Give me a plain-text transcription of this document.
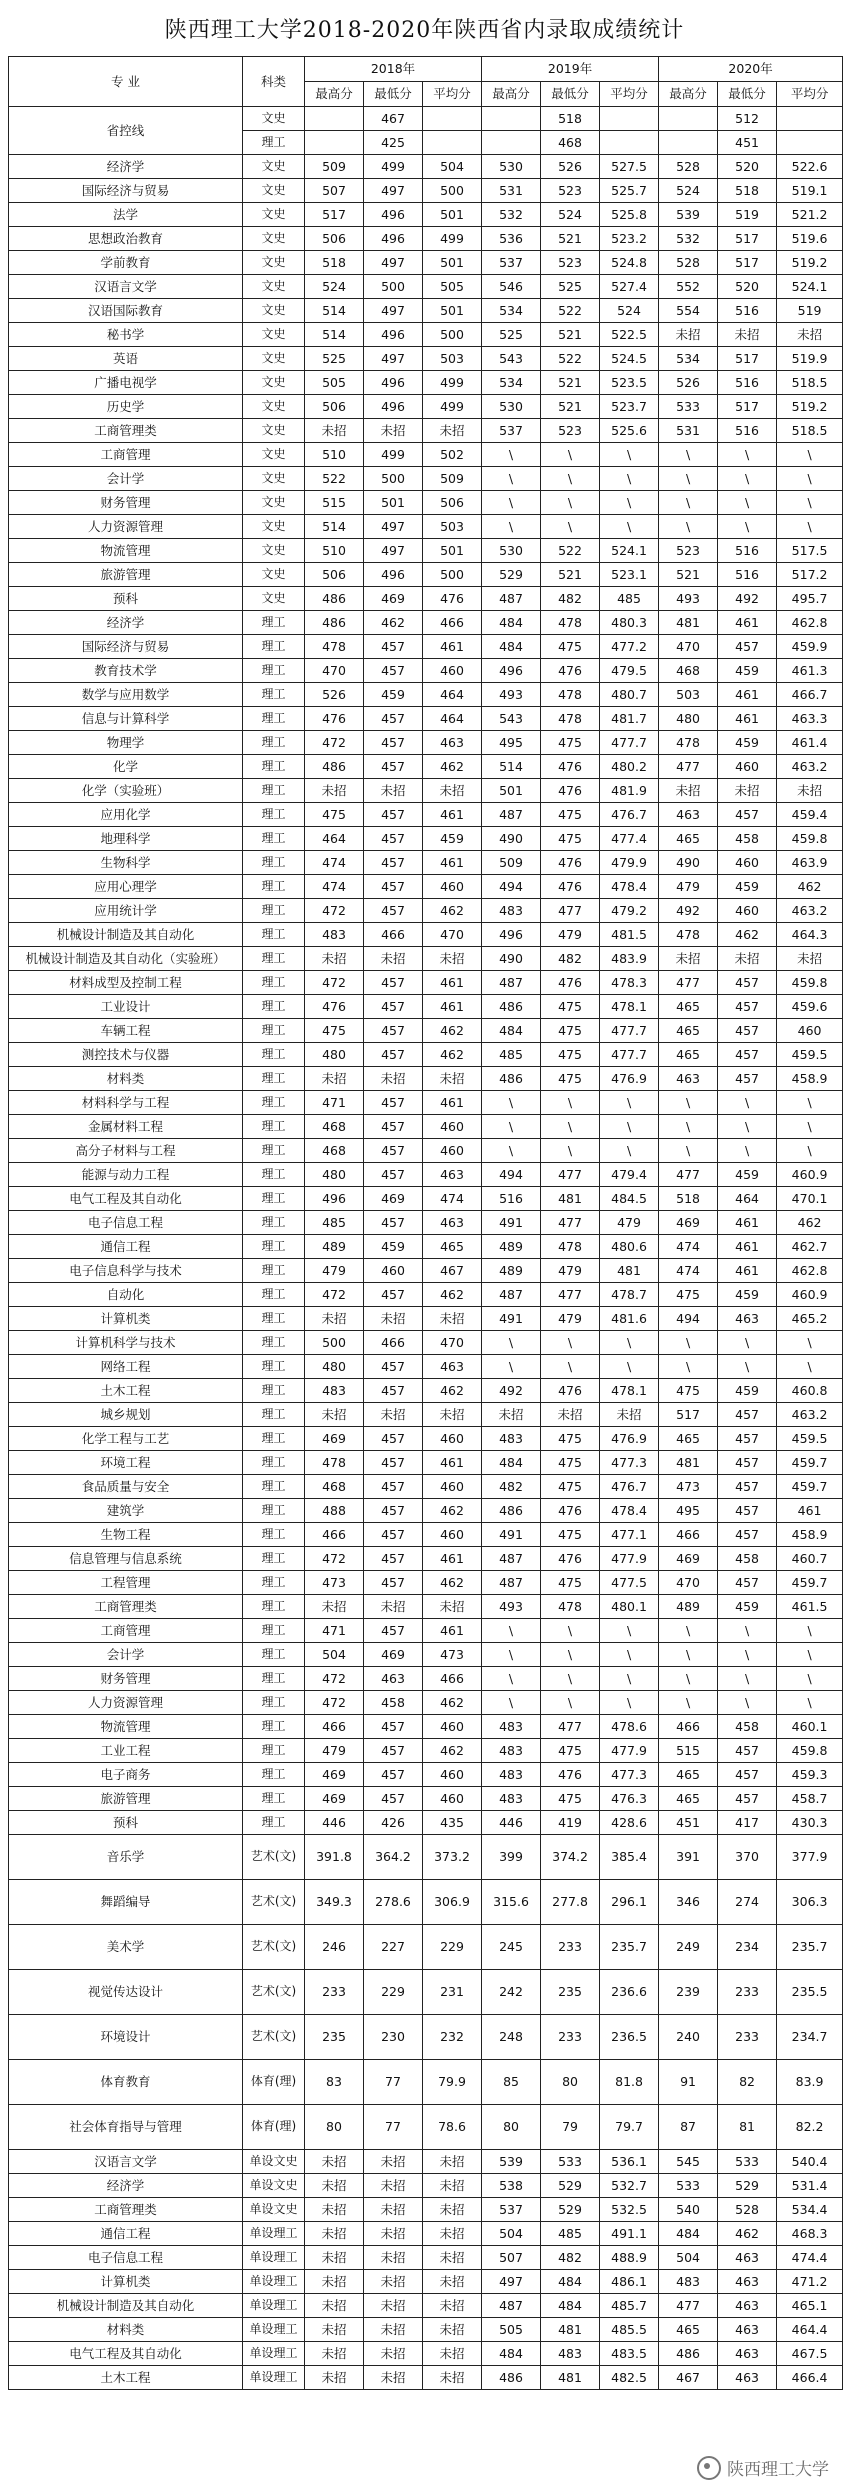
陕西理工大学2018-2020年陕西省内录取成绩统计
专 业	科类	2018年			2019年			2020年		
		最高分	最低分	平均分	最高分	最低分	平均分	最高分	最低分	平均分
省控线	文史		467			518			512	
	理工		425			468			451	
经济学	文史	509	499	504	530	526	527.5	528	520	522.6
国际经济与贸易	文史	507	497	500	531	523	525.7	524	518	519.1
法学	文史	517	496	501	532	524	525.8	539	519	521.2
思想政治教育	文史	506	496	499	536	521	523.2	532	517	519.6
学前教育	文史	518	497	501	537	523	524.8	528	517	519.2
汉语言文学	文史	524	500	505	546	525	527.4	552	520	524.1
汉语国际教育	文史	514	497	501	534	522	524	554	516	519
秘书学	文史	514	496	500	525	521	522.5	未招	未招	未招
英语	文史	525	497	503	543	522	524.5	534	517	519.9
广播电视学	文史	505	496	499	534	521	523.5	526	516	518.5
历史学	文史	506	496	499	530	521	523.7	533	517	519.2
工商管理类	文史	未招	未招	未招	537	523	525.6	531	516	518.5
工商管理	文史	510	499	502	\	\	\	\	\	\
会计学	文史	522	500	509	\	\	\	\	\	\
财务管理	文史	515	501	506	\	\	\	\	\	\
人力资源管理	文史	514	497	503	\	\	\	\	\	\
物流管理	文史	510	497	501	530	522	524.1	523	516	517.5
旅游管理	文史	506	496	500	529	521	523.1	521	516	517.2
预科	文史	486	469	476	487	482	485	493	492	495.7
经济学	理工	486	462	466	484	478	480.3	481	461	462.8
国际经济与贸易	理工	478	457	461	484	475	477.2	470	457	459.9
教育技术学	理工	470	457	460	496	476	479.5	468	459	461.3
数学与应用数学	理工	526	459	464	493	478	480.7	503	461	466.7
信息与计算科学	理工	476	457	464	543	478	481.7	480	461	463.3
物理学	理工	472	457	463	495	475	477.7	478	459	461.4
化学	理工	486	457	462	514	476	480.2	477	460	463.2
化学（实验班）	理工	未招	未招	未招	501	476	481.9	未招	未招	未招
应用化学	理工	475	457	461	487	475	476.7	463	457	459.4
地理科学	理工	464	457	459	490	475	477.4	465	458	459.8
生物科学	理工	474	457	461	509	476	479.9	490	460	463.9
应用心理学	理工	474	457	460	494	476	478.4	479	459	462
应用统计学	理工	472	457	462	483	477	479.2	492	460	463.2
机械设计制造及其自动化	理工	483	466	470	496	479	481.5	478	462	464.3
机械设计制造及其自动化（实验班）	理工	未招	未招	未招	490	482	483.9	未招	未招	未招
材料成型及控制工程	理工	472	457	461	487	476	478.3	477	457	459.8
工业设计	理工	476	457	461	486	475	478.1	465	457	459.6
车辆工程	理工	475	457	462	484	475	477.7	465	457	460
测控技术与仪器	理工	480	457	462	485	475	477.7	465	457	459.5
材料类	理工	未招	未招	未招	486	475	476.9	463	457	458.9
材料科学与工程	理工	471	457	461	\	\	\	\	\	\
金属材料工程	理工	468	457	460	\	\	\	\	\	\
高分子材料与工程	理工	468	457	460	\	\	\	\	\	\
能源与动力工程	理工	480	457	463	494	477	479.4	477	459	460.9
电气工程及其自动化	理工	496	469	474	516	481	484.5	518	464	470.1
电子信息工程	理工	485	457	463	491	477	479	469	461	462
通信工程	理工	489	459	465	489	478	480.6	474	461	462.7
电子信息科学与技术	理工	479	460	467	489	479	481	474	461	462.8
自动化	理工	472	457	462	487	477	478.7	475	459	460.9
计算机类	理工	未招	未招	未招	491	479	481.6	494	463	465.2
计算机科学与技术	理工	500	466	470	\	\	\	\	\	\
网络工程	理工	480	457	463	\	\	\	\	\	\
土木工程	理工	483	457	462	492	476	478.1	475	459	460.8
城乡规划	理工	未招	未招	未招	未招	未招	未招	517	457	463.2
化学工程与工艺	理工	469	457	460	483	475	476.9	465	457	459.5
环境工程	理工	478	457	461	484	475	477.3	481	457	459.7
食品质量与安全	理工	468	457	460	482	475	476.7	473	457	459.7
建筑学	理工	488	457	462	486	476	478.4	495	457	461
生物工程	理工	466	457	460	491	475	477.1	466	457	458.9
信息管理与信息系统	理工	472	457	461	487	476	477.9	469	458	460.7
工程管理	理工	473	457	462	487	475	477.5	470	457	459.7
工商管理类	理工	未招	未招	未招	493	478	480.1	489	459	461.5
工商管理	理工	471	457	461	\	\	\	\	\	\
会计学	理工	504	469	473	\	\	\	\	\	\
财务管理	理工	472	463	466	\	\	\	\	\	\
人力资源管理	理工	472	458	462	\	\	\	\	\	\
物流管理	理工	466	457	460	483	477	478.6	466	458	460.1
工业工程	理工	479	457	462	483	475	477.9	515	457	459.8
电子商务	理工	469	457	460	483	476	477.3	465	457	459.3
旅游管理	理工	469	457	460	483	475	476.3	465	457	458.7
预科	理工	446	426	435	446	419	428.6	451	417	430.3
音乐学	艺术(文)	391.8	364.2	373.2	399	374.2	385.4	391	370	377.9
舞蹈编导	艺术(文)	349.3	278.6	306.9	315.6	277.8	296.1	346	274	306.3
美术学	艺术(文)	246	227	229	245	233	235.7	249	234	235.7
视觉传达设计	艺术(文)	233	229	231	242	235	236.6	239	233	235.5
环境设计	艺术(文)	235	230	232	248	233	236.5	240	233	234.7
体育教育	体育(理)	83	77	79.9	85	80	81.8	91	82	83.9
社会体育指导与管理	体育(理)	80	77	78.6	80	79	79.7	87	81	82.2
汉语言文学	单设文史	未招	未招	未招	539	533	536.1	545	533	540.4
经济学	单设文史	未招	未招	未招	538	529	532.7	533	529	531.4
工商管理类	单设文史	未招	未招	未招	537	529	532.5	540	528	534.4
通信工程	单设理工	未招	未招	未招	504	485	491.1	484	462	468.3
电子信息工程	单设理工	未招	未招	未招	507	482	488.9	504	463	474.4
计算机类	单设理工	未招	未招	未招	497	484	486.1	483	463	471.2
机械设计制造及其自动化	单设理工	未招	未招	未招	487	484	485.7	477	463	465.1
材料类	单设理工	未招	未招	未招	505	481	485.5	465	463	464.4
电气工程及其自动化	单设理工	未招	未招	未招	484	483	483.5	486	463	467.5
土木工程	单设理工	未招	未招	未招	486	481	482.5	467	463	466.4
陕西理工大学
